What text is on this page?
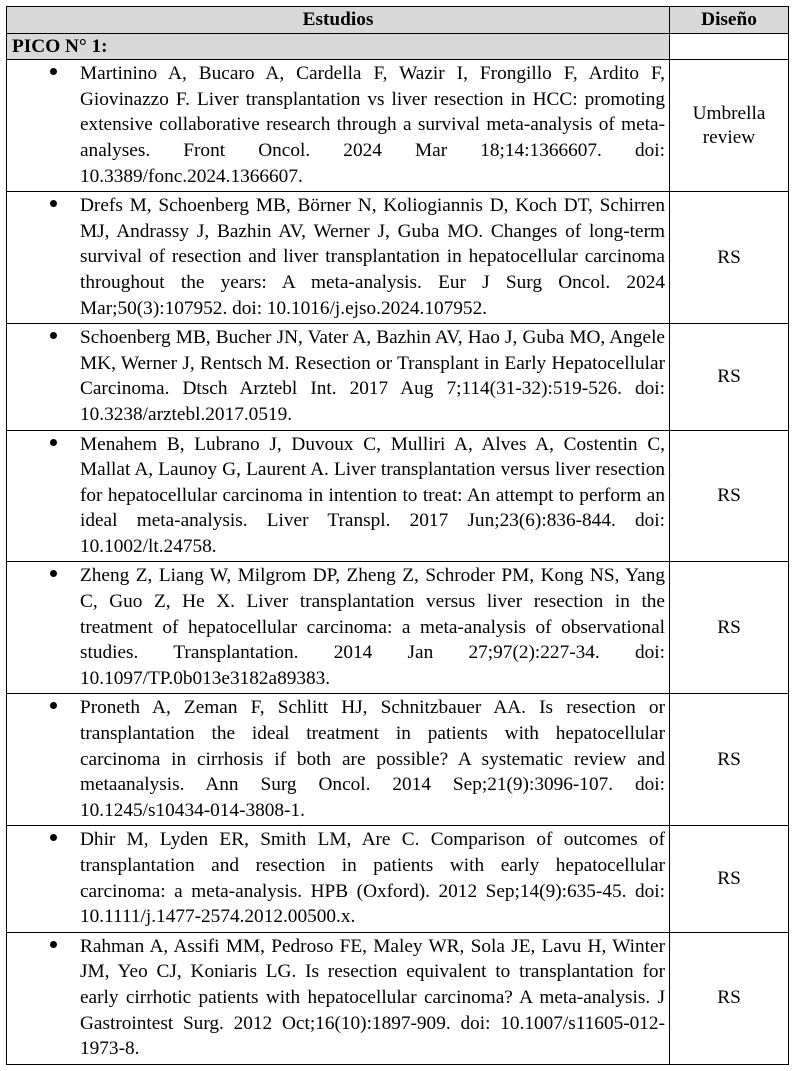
Estudios	Diseño
PICO N° 1:	

Martinino A, Bucaro A, Cardella F, Wazir I, Frongillo F, Ardito F, Giovinazzo F. Liver transplantation vs liver resection in HCC: promoting extensive collaborative research through a survival meta-analysis of meta-analyses. Front Oncol. 2024 Mar 18;14:1366607. doi: 10.3389/fonc.2024.1366607.	Umbrella review

Drefs M, Schoenberg MB, Börner N, Koliogiannis D, Koch DT, Schirren MJ, Andrassy J, Bazhin AV, Werner J, Guba MO. Changes of long-term survival of resection and liver transplantation in hepatocellular carcinoma throughout the years: A meta-analysis. Eur J Surg Oncol. 2024 Mar;50(3):107952. doi: 10.1016/j.ejso.2024.107952.	RS

Schoenberg MB, Bucher JN, Vater A, Bazhin AV, Hao J, Guba MO, Angele MK, Werner J, Rentsch M. Resection or Transplant in Early Hepatocellular Carcinoma. Dtsch Arztebl Int. 2017 Aug 7;114(31-32):519-526. doi: 10.3238/arztebl.2017.0519.	RS

Menahem B, Lubrano J, Duvoux C, Mulliri A, Alves A, Costentin C, Mallat A, Launoy G, Laurent A. Liver transplantation versus liver resection for hepatocellular carcinoma in intention to treat: An attempt to perform an ideal meta-analysis. Liver Transpl. 2017 Jun;23(6):836-844. doi: 10.1002/lt.24758.	RS

Zheng Z, Liang W, Milgrom DP, Zheng Z, Schroder PM, Kong NS, Yang C, Guo Z, He X. Liver transplantation versus liver resection in the treatment of hepatocellular carcinoma: a meta-analysis of observational studies. Transplantation. 2014 Jan 27;97(2):227-34. doi: 10.1097/TP.0b013e3182a89383.	RS

Proneth A, Zeman F, Schlitt HJ, Schnitzbauer AA. Is resection or transplantation the ideal treatment in patients with hepatocellular carcinoma in cirrhosis if both are possible? A systematic review and metaanalysis. Ann Surg Oncol. 2014 Sep;21(9):3096-107. doi: 10.1245/s10434-014-3808-1.	RS

Dhir M, Lyden ER, Smith LM, Are C. Comparison of outcomes of transplantation and resection in patients with early hepatocellular carcinoma: a meta-analysis. HPB (Oxford). 2012 Sep;14(9):635-45. doi: 10.1111/j.1477-2574.2012.00500.x.	RS

Rahman A, Assifi MM, Pedroso FE, Maley WR, Sola JE, Lavu H, Winter JM, Yeo CJ, Koniaris LG. Is resection equivalent to transplantation for early cirrhotic patients with hepatocellular carcinoma? A meta-analysis. J Gastrointest Surg. 2012 Oct;16(10):1897-909. doi: 10.1007/s11605-012-1973-8.	RS
